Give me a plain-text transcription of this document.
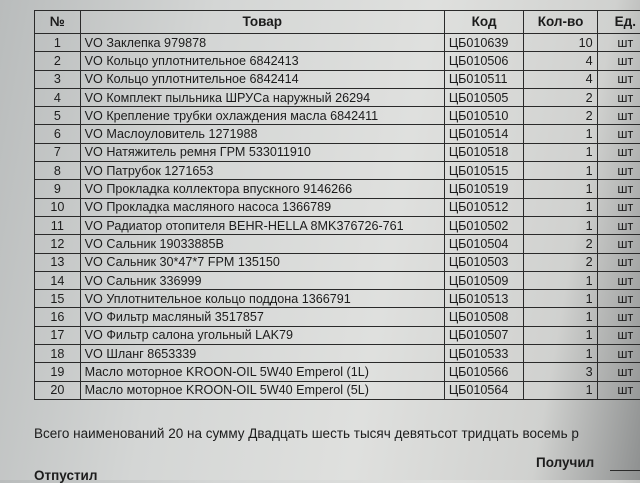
№	Товар	Код	Кол-во	Ед.
1	VO Заклепка 979878	ЦБ010639	10	шт
2	VO Кольцо уплотнительное 6842413	ЦБ010506	4	шт
3	VO Кольцо уплотнительное 6842414	ЦБ010511	4	шт
4	VO Комплект пыльника ШРУСа наружный 26294	ЦБ010505	2	шт
5	VO Крепление трубки охлаждения масла 6842411	ЦБ010510	2	шт
6	VO Маслоуловитель 1271988	ЦБ010514	1	шт
7	VO Натяжитель ремня ГРМ 533011910	ЦБ010518	1	шт
8	VO Патрубок 1271653	ЦБ010515	1	шт
9	VO Прокладка коллектора впускного 9146266	ЦБ010519	1	шт
10	VO Прокладка масляного насоса 1366789	ЦБ010512	1	шт
11	VO Радиатор отопителя BEHR-HELLA 8MK376726-761	ЦБ010502	1	шт
12	VO Сальник 19033885B	ЦБ010504	2	шт
13	VO Сальник 30*47*7 FPM 135150	ЦБ010503	2	шт
14	VO Сальник 336999	ЦБ010509	1	шт
15	VO Уплотнительное кольцо поддона 1366791	ЦБ010513	1	шт
16	VO Фильтр масляный 3517857	ЦБ010508	1	шт
17	VO Фильтр салона угольный LAK79	ЦБ010507	1	шт
18	VO Шланг 8653339	ЦБ010533	1	шт
19	Масло моторное KROON-OIL 5W40 Emperol (1L)	ЦБ010566	3	шт
20	Масло моторное KROON-OIL 5W40 Emperol (5L)	ЦБ010564	1	шт
Всего наименований 20 на сумму Двадцать шесть тысяч девятьсот тридцать восемь р
Получил
Отпустил
